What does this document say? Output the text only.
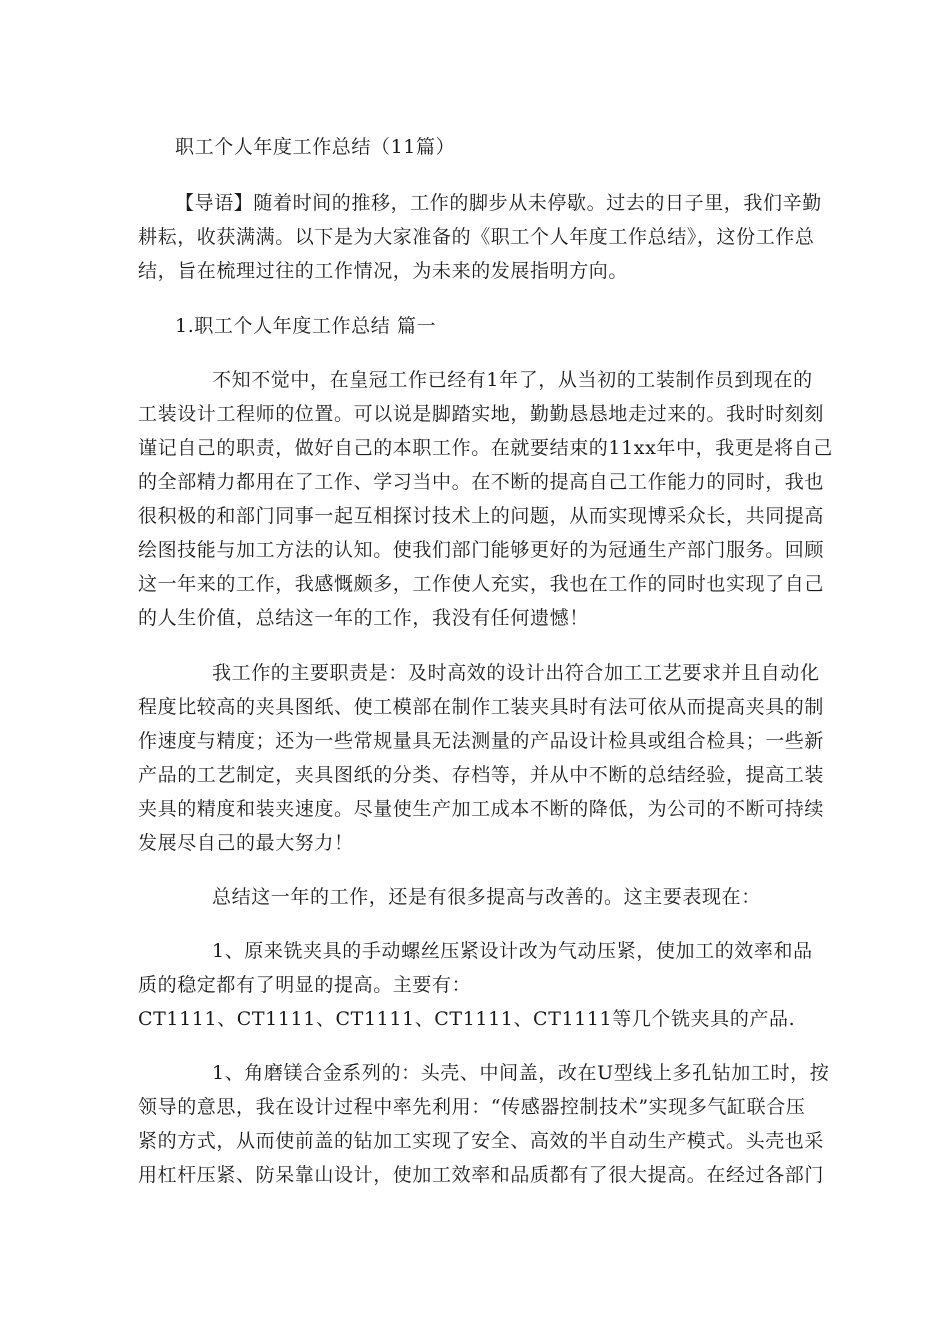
职工个人年度工作总结（11篇）
【导语】随着时间的推移，工作的脚步从未停歇。过去的日子里，我们辛勤
耕耘，收获满满。以下是为大家准备的《职工个人年度工作总结》，这份工作总
结，旨在梳理过往的工作情况，为未来的发展指明方向。
1.职工个人年度工作总结 篇一
不知不觉中，在皇冠工作已经有1年了，从当初的工装制作员到现在的
工装设计工程师的位置。可以说是脚踏实地，勤勤恳恳地走过来的。我时时刻刻
谨记自己的职责，做好自己的本职工作。在就要结束的11xx年中，我更是将自己
的全部精力都用在了工作、学习当中。在不断的提高自己工作能力的同时，我也
很积极的和部门同事一起互相探讨技术上的问题，从而实现博采众长，共同提高
绘图技能与加工方法的认知。使我们部门能够更好的为冠通生产部门服务。回顾
这一年来的工作，我感慨颇多，工作使人充实，我也在工作的同时也实现了自己
的人生价值，总结这一年的工作，我没有任何遗憾！
我工作的主要职责是：及时高效的设计出符合加工工艺要求并且自动化
程度比较高的夹具图纸、使工模部在制作工装夹具时有法可依从而提高夹具的制
作速度与精度；还为一些常规量具无法测量的产品设计检具或组合检具；一些新
产品的工艺制定，夹具图纸的分类、存档等，并从中不断的总结经验，提高工装
夹具的精度和装夹速度。尽量使生产加工成本不断的降低，为公司的不断可持续
发展尽自己的最大努力！
总结这一年的工作，还是有很多提高与改善的。这主要表现在：
1、原来铣夹具的手动螺丝压紧设计改为气动压紧，使加工的效率和品
质的稳定都有了明显的提高。主要有：
CT1111、CT1111、CT1111、CT1111、CT1111等几个铣夹具的产品.
1、角磨镁合金系列的：头壳、中间盖，改在U型线上多孔钻加工时，按
领导的意思，我在设计过程中率先利用：“传感器控制技术”实现多气缸联合压
紧的方式，从而使前盖的钻加工实现了安全、高效的半自动生产模式。头壳也采
用杠杆压紧、防呆靠山设计，使加工效率和品质都有了很大提高。在经过各部门
